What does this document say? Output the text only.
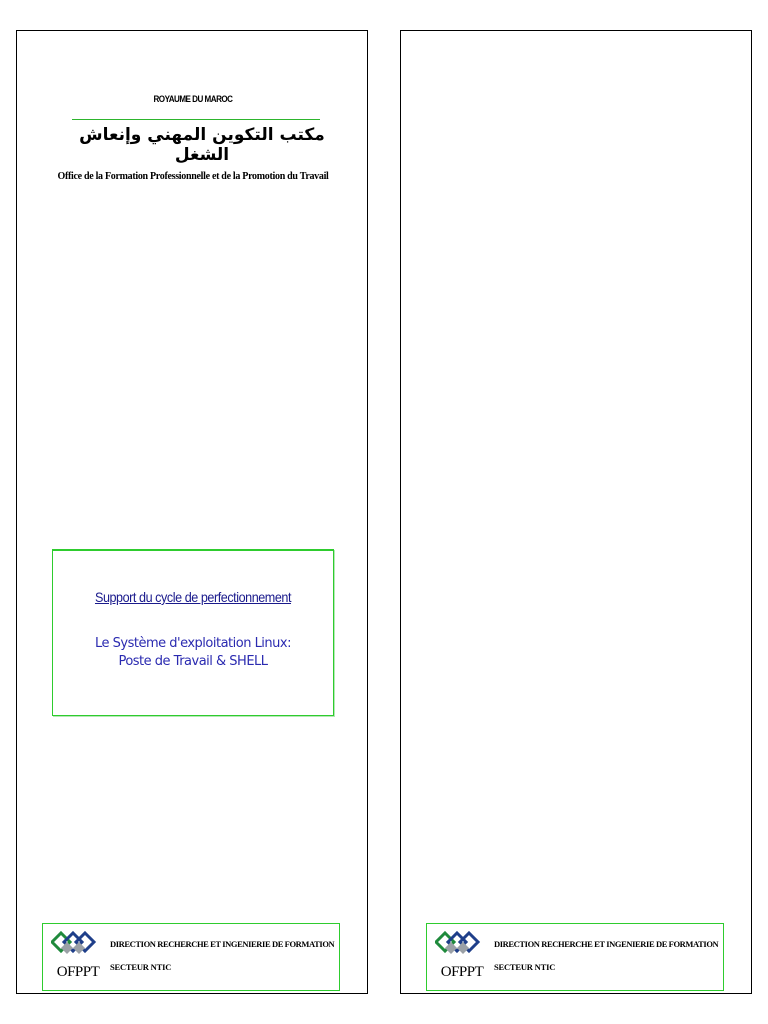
ROYAUME DU MAROC
مكتب التكوين المهني وإنعاش الشغل
Office de la Formation Professionnelle et de la Promotion du Travail
Support du cycle de perfectionnement
Le Système d'exploitation Linux:
Poste de Travail & SHELL
OFPPT
DIRECTION RECHERCHE ET INGENIERIE DE FORMATION
SECTEUR NTIC	OFPPT
DIRECTION RECHERCHE ET INGENIERIE DE FORMATION
SECTEUR NTIC
